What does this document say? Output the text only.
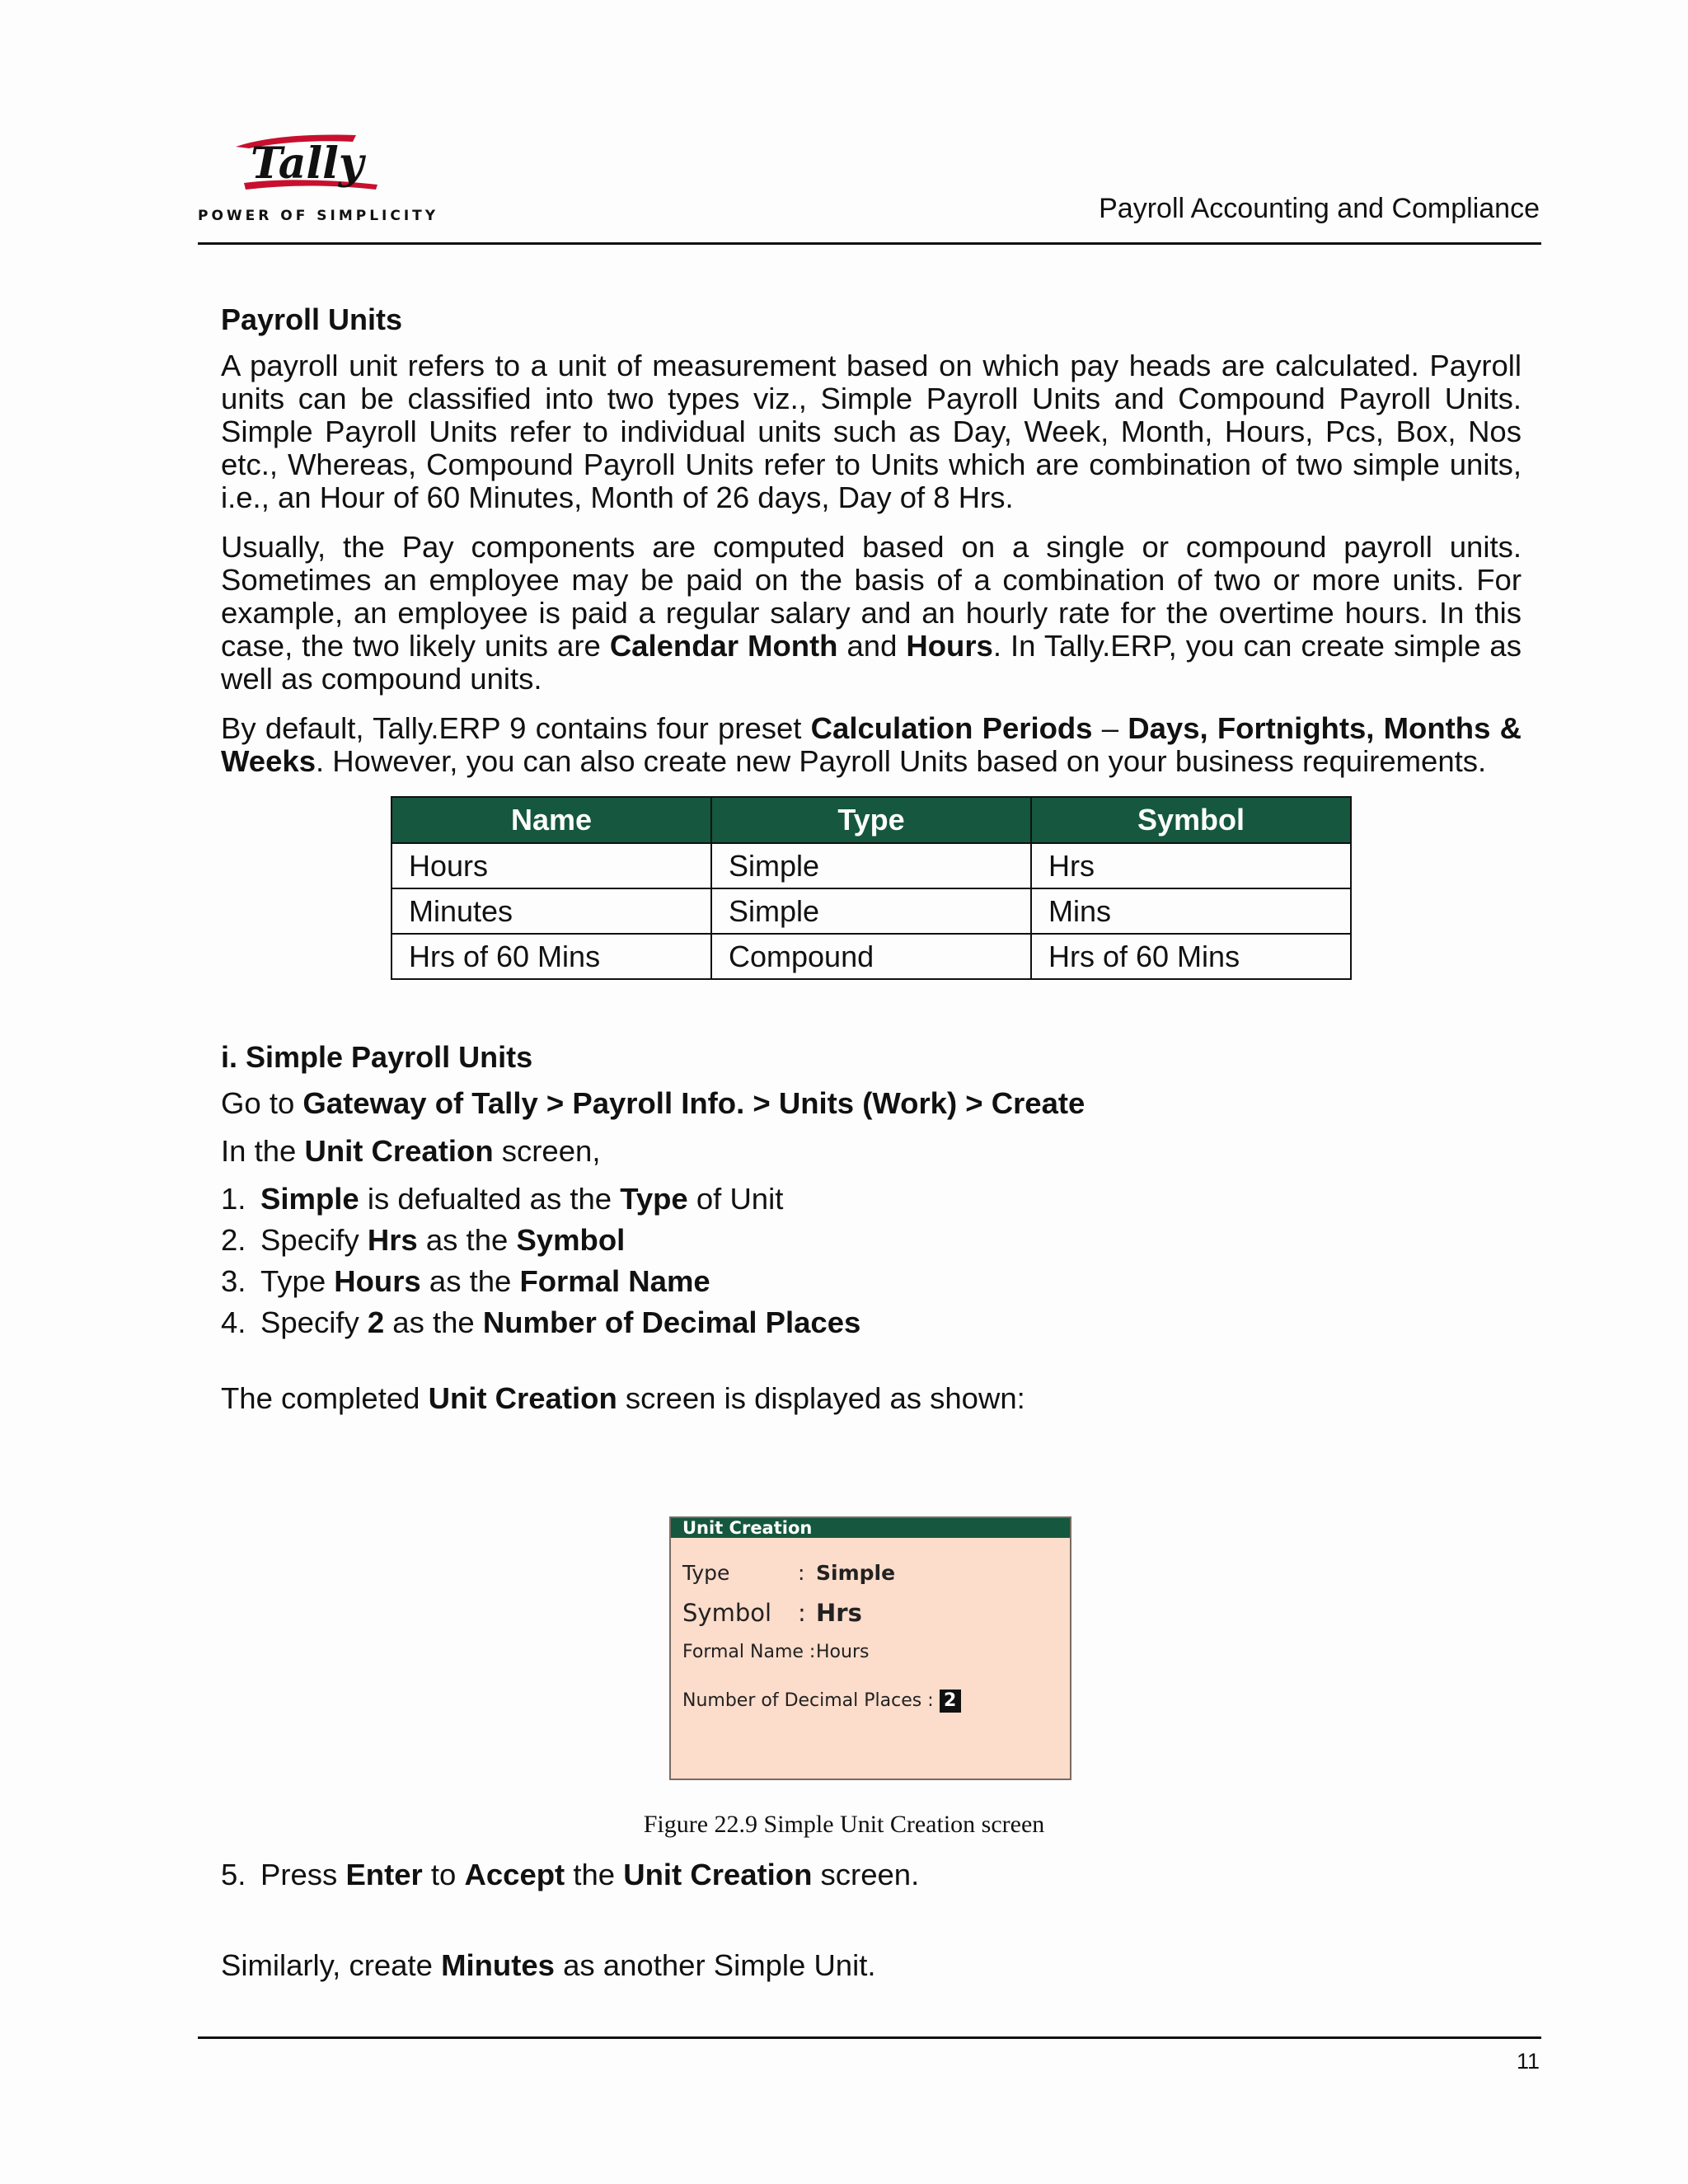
Tally
POWER OF SIMPLICITY	Payroll Accounting and Compliance
Payroll Units

A payroll unit refers to a unit of measurement based on which pay heads are calculated. Payroll units can be classified into two types viz., Simple Payroll Units and Compound Payroll Units. Simple Payroll Units refer to individual units such as Day, Week, Month, Hours, Pcs, Box, Nos etc., Whereas, Compound Payroll Units refer to Units which are combination of two simple units, i.e., an Hour of 60 Minutes, Month of 26 days, Day of 8 Hrs.

Usually, the Pay components are computed based on a single or compound payroll units. Sometimes an employee may be paid on the basis of a combination of two or more units. For example, an employee is paid a regular salary and an hourly rate for the overtime hours. In this case, the two likely units are Calendar Month and Hours. In Tally.ERP, you can create simple as well as compound units.

By default, Tally.ERP 9 contains four preset Calculation Periods – Days, Fortnights, Months & Weeks. However, you can also create new Payroll Units based on your business requirements.

Name	Type	Symbol
Hours	Simple	Hrs
Minutes	Simple	Mins
Hrs of 60 Mins	Compound	Hrs of 60 Mins
i. Simple Payroll Units
Go to Gateway of Tally > Payroll Info. > Units (Work) > Create
In the Unit Creation screen,
1. Simple is defualted as the Type of Unit
2. Specify Hrs as the Symbol
3. Type Hours as the Formal Name
4. Specify 2 as the Number of Decimal Places
The completed Unit Creation screen is displayed as shown:
Unit Creation
Type	: Simple
Symbol : Hrs
Formal Name :Hours
Number of Decimal Places : 2
Figure 22.9 Simple Unit Creation screen
5. Press Enter to Accept the Unit Creation screen.
Similarly, create Minutes as another Simple Unit.
11
